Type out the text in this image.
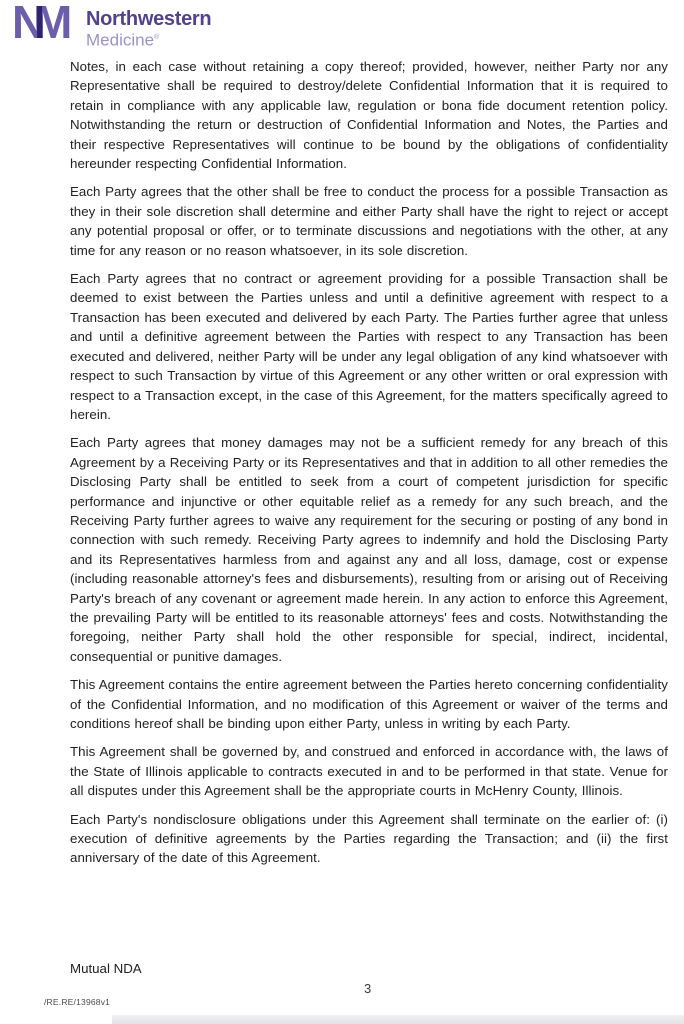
N
M Northwestern
Medicine®

Notes, in each case without retaining a copy thereof; provided, however, neither Party nor any Representative shall be required to destroy/delete Confidential Information that it is required to retain in compliance with any applicable law, regulation or bona fide document retention policy. Notwithstanding the return or destruction of Confidential Information and Notes, the Parties and their respective Representatives will continue to be bound by the obligations of confidentiality hereunder respecting Confidential Information.

Each Party agrees that the other shall be free to conduct the process for a possible Transaction as they in their sole discretion shall determine and either Party shall have the right to reject or accept any potential proposal or offer, or to terminate discussions and negotiations with the other, at any time for any reason or no reason whatsoever, in its sole discretion.

Each Party agrees that no contract or agreement providing for a possible Transaction shall be deemed to exist between the Parties unless and until a definitive agreement with respect to a Transaction has been executed and delivered by each Party. The Parties further agree that unless and until a definitive agreement between the Parties with respect to any Transaction has been executed and delivered, neither Party will be under any legal obligation of any kind whatsoever with respect to such Transaction by virtue of this Agreement or any other written or oral expression with respect to a Transaction except, in the case of this Agreement, for the matters specifically agreed to herein.

Each Party agrees that money damages may not be a sufficient remedy for any breach of this Agreement by a Receiving Party or its Representatives and that in addition to all other remedies the Disclosing Party shall be entitled to seek from a court of competent jurisdiction for specific performance and injunctive or other equitable relief as a remedy for any such breach, and the Receiving Party further agrees to waive any requirement for the securing or posting of any bond in connection with such remedy. Receiving Party agrees to indemnify and hold the Disclosing Party and its Representatives harmless from and against any and all loss, damage, cost or expense (including reasonable attorney's fees and disbursements), resulting from or arising out of Receiving Party's breach of any covenant or agreement made herein. In any action to enforce this Agreement, the prevailing Party will be entitled to its reasonable attorneys' fees and costs. Notwithstanding the foregoing, neither Party shall hold the other responsible for special, indirect, incidental, consequential or punitive damages.

This Agreement contains the entire agreement between the Parties hereto concerning confidentiality of the Confidential Information, and no modification of this Agreement or waiver of the terms and conditions hereof shall be binding upon either Party, unless in writing by each Party.

This Agreement shall be governed by, and construed and enforced in accordance with, the laws of the State of Illinois applicable to contracts executed in and to be performed in that state. Venue for all disputes under this Agreement shall be the appropriate courts in McHenry County, Illinois.

Each Party's nondisclosure obligations under this Agreement shall terminate on the earlier of: (i) execution of definitive agreements by the Parties regarding the Transaction; and (ii) the first anniversary of the date of this Agreement.

Mutual NDA
3
/RE.RE/13968v1
